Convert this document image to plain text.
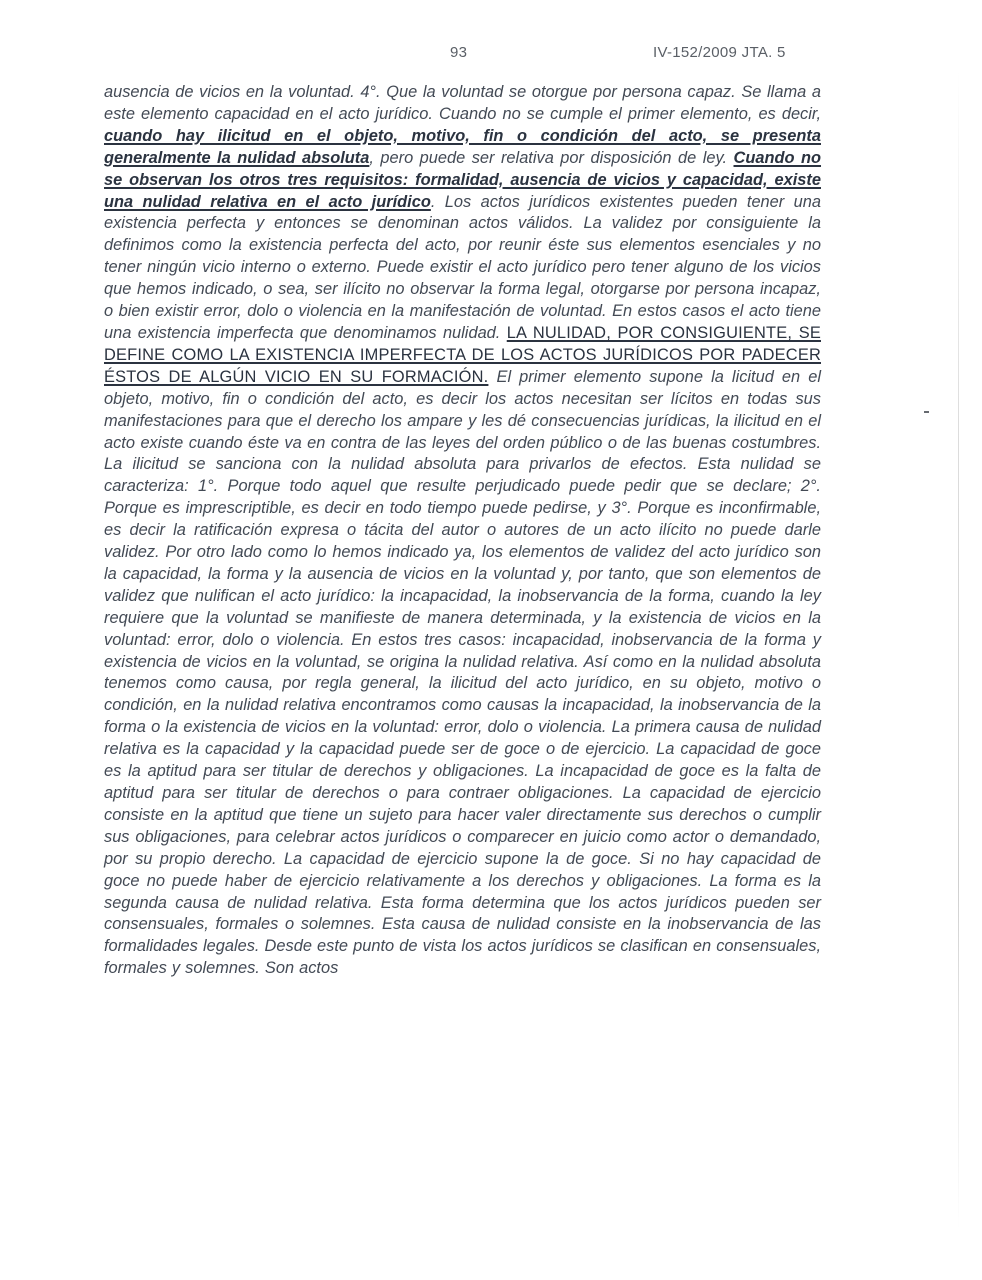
93	IV-152/2009 JTA. 5

ausencia de vicios en la voluntad. 4°. Que la voluntad se otorgue por persona capaz. Se llama a este elemento capacidad en el acto jurídico. Cuando no se cumple el primer elemento, es decir, cuando hay ilicitud en el objeto, motivo, fin o condición del acto, se presenta generalmente la nulidad absoluta, pero puede ser relativa por disposición de ley. Cuando no se observan los otros tres requisitos: formalidad, ausencia de vicios y capacidad, existe una nulidad relativa en el acto jurídico. Los actos jurídicos existentes pueden tener una existencia perfecta y entonces se denominan actos válidos. La validez por consiguiente la definimos como la existencia perfecta del acto, por reunir éste sus elementos esenciales y no tener ningún vicio interno o externo. Puede existir el acto jurídico pero tener alguno de los vicios que hemos indicado, o sea, ser ilícito no observar la forma legal, otorgarse por persona incapaz, o bien existir error, dolo o violencia en la manifestación de voluntad. En estos casos el acto tiene una existencia imperfecta que denominamos nulidad. LA NULIDAD, POR CONSIGUIENTE, SE DEFINE COMO LA EXISTENCIA IMPERFECTA DE LOS ACTOS JURÍDICOS POR PADECER ÉSTOS DE ALGÚN VICIO EN SU FORMACIÓN. El primer elemento supone la licitud en el objeto, motivo, fin o condición del acto, es decir los actos necesitan ser lícitos en todas sus manifestaciones para que el derecho los ampare y les dé consecuencias jurídicas, la ilicitud en el acto existe cuando éste va en contra de las leyes del orden público o de las buenas costumbres. La ilicitud se sanciona con la nulidad absoluta para privarlos de efectos. Esta nulidad se caracteriza: 1°. Porque todo aquel que resulte perjudicado puede pedir que se declare; 2°. Porque es imprescriptible, es decir en todo tiempo puede pedirse, y 3°. Porque es inconfirmable, es decir la ratificación expresa o tácita del autor o autores de un acto ilícito no puede darle validez. Por otro lado como lo hemos indicado ya, los elementos de validez del acto jurídico son la capacidad, la forma y la ausencia de vicios en la voluntad y, por tanto, que son elementos de validez que nulifican el acto jurídico: la incapacidad, la inobservancia de la forma, cuando la ley requiere que la voluntad se manifieste de manera determinada, y la existencia de vicios en la voluntad: error, dolo o violencia. En estos tres casos: incapacidad, inobservancia de la forma y existencia de vicios en la voluntad, se origina la nulidad relativa. Así como en la nulidad absoluta tenemos como causa, por regla general, la ilicitud del acto jurídico, en su objeto, motivo o condición, en la nulidad relativa encontramos como causas la incapacidad, la inobservancia de la forma o la existencia de vicios en la voluntad: error, dolo o violencia. La primera causa de nulidad relativa es la capacidad y la capacidad puede ser de goce o de ejercicio. La capacidad de goce es la aptitud para ser titular de derechos y obligaciones. La incapacidad de goce es la falta de aptitud para ser titular de derechos o para contraer obligaciones. La capacidad de ejercicio consiste en la aptitud que tiene un sujeto para hacer valer directamente sus derechos o cumplir sus obligaciones, para celebrar actos jurídicos o comparecer en juicio como actor o demandado, por su propio derecho. La capacidad de ejercicio supone la de goce. Si no hay capacidad de goce no puede haber de ejercicio relativamente a los derechos y obligaciones. La forma es la segunda causa de nulidad relativa. Esta forma determina que los actos jurídicos pueden ser consensuales, formales o solemnes. Esta causa de nulidad consiste en la inobservancia de las formalidades legales. Desde este punto de vista los actos jurídicos se clasifican en consensuales, formales y solemnes. Son actos
